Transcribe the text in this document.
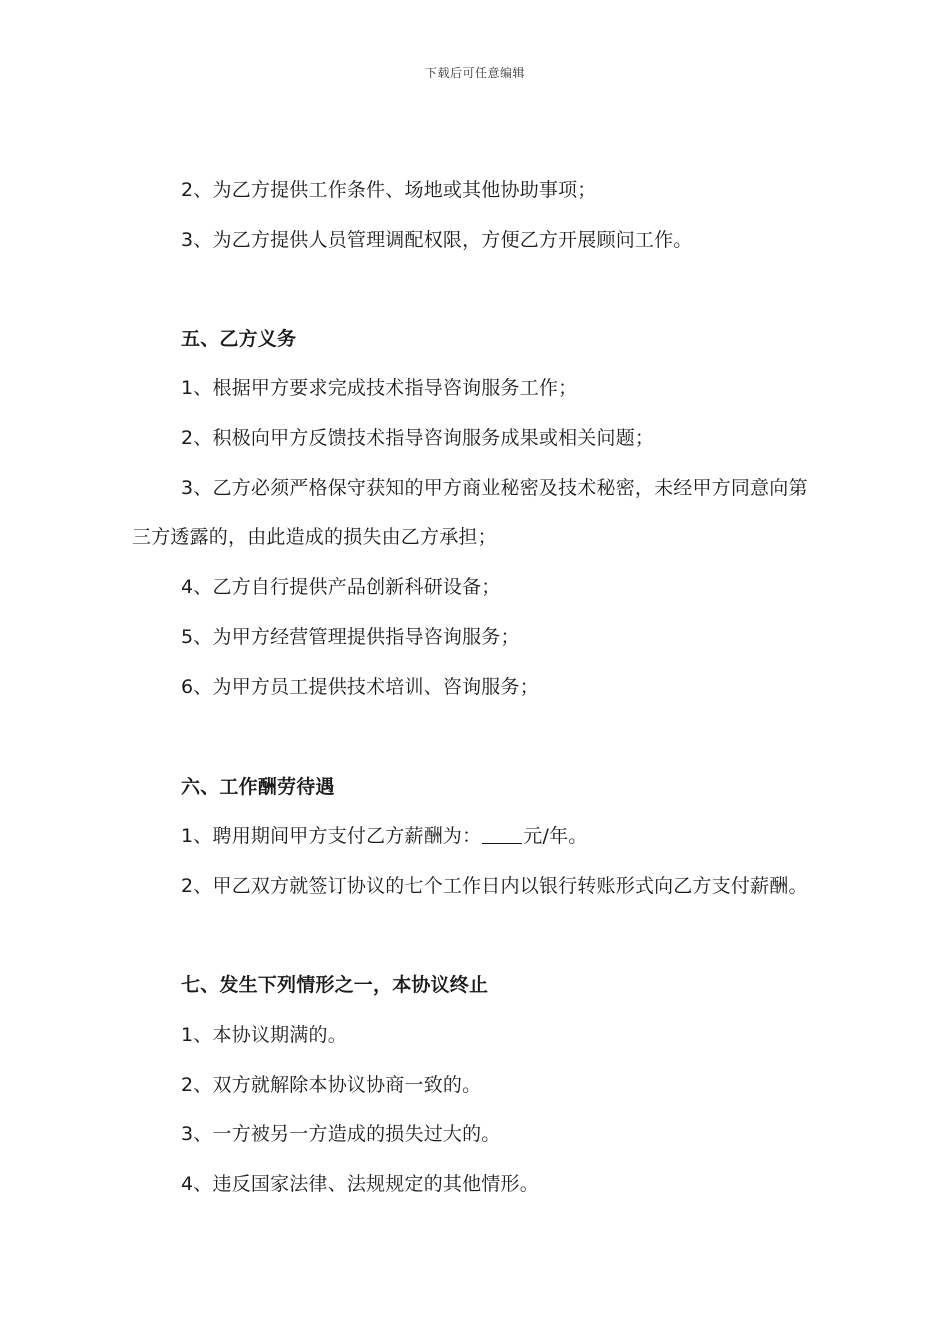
下载后可任意编辑
2、为乙方提供工作条件、场地或其他协助事项；
3、为乙方提供人员管理调配权限，方便乙方开展顾问工作。
五、乙方义务
1、根据甲方要求完成技术指导咨询服务工作；
2、积极向甲方反馈技术指导咨询服务成果或相关问题；
3、乙方必须严格保守获知的甲方商业秘密及技术秘密，未经甲方同意向第
三方透露的，由此造成的损失由乙方承担；
4、乙方自行提供产品创新科研设备；
5、为甲方经营管理提供指导咨询服务；
6、为甲方员工提供技术培训、咨询服务；
六、工作酬劳待遇
1、聘用期间甲方支付乙方薪酬为： 元/年。
2、甲乙双方就签订协议的七个工作日内以银行转账形式向乙方支付薪酬。
七、发生下列情形之一，本协议终止
1、本协议期满的。
2、双方就解除本协议协商一致的。
3、一方被另一方造成的损失过大的。
4、违反国家法律、法规规定的其他情形。
